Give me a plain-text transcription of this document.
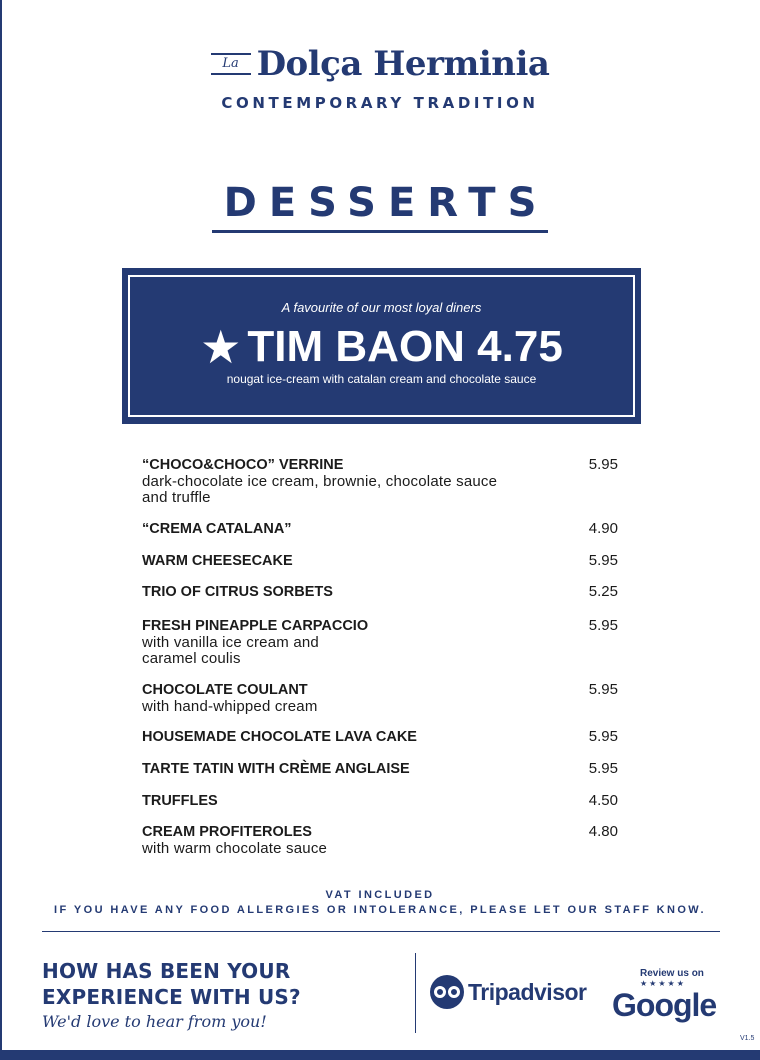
La Dolça Herminia
CONTEMPORARY TRADITION
DESSERTS
A favourite of our most loyal diners
★ TIM BAON 4.75
nougat ice-cream with catalan cream and chocolate sauce
“CHOCO&CHOCO” VERRINE
dark-chocolate ice cream, brownie, chocolate sauce and truffle
5.95
“CREMA CATALANA”	4.90
WARM CHEESECAKE	5.95
TRIO OF CITRUS SORBETS	5.25
FRESH PINEAPPLE CARPACCIO
with vanilla ice cream and caramel coulis
5.95
CHOCOLATE COULANT
with hand-whipped cream
5.95
HOUSEMADE CHOCOLATE LAVA CAKE	5.95
TARTE TATIN WITH CRÈME ANGLAISE	5.95
TRUFFLES	4.50
CREAM PROFITEROLES
with warm chocolate sauce
4.80
VAT INCLUDED
IF YOU HAVE ANY FOOD ALLERGIES OR INTOLERANCE, PLEASE LET OUR STAFF KNOW.
HOW HAS BEEN YOUR
EXPERIENCE WITH US?
We'd love to hear from you!
Tripadvisor
Review us on
★★★★★
Google
V1.5
